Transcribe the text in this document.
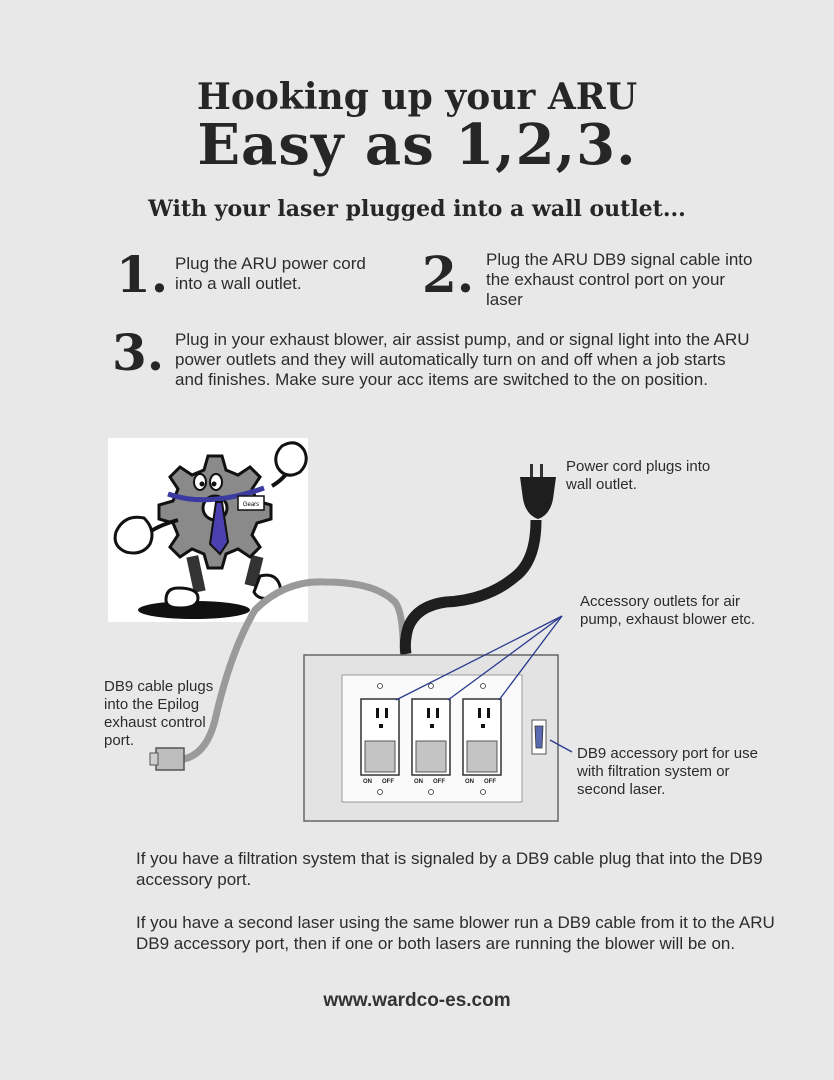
Hooking up your ARU
Easy as 1,2,3.
With your laser plugged into a wall outlet...
1. Plug the ARU power cord into a wall outlet.	2. Plug the ARU DB9 signal cable into the exhaust control port on your laser
3. Plug in your exhaust blower, air assist pump, and or signal light into the ARU power outlets and they will automatically turn on and off when a job starts and finishes. Make sure your acc items are switched to the on position.
Gears
ON OFF	ON OFF	ON OFF
Power cord plugs into wall outlet.
Accessory outlets for air pump, exhaust blower etc.
DB9 cable plugs into the Epilog exhaust control port.
DB9 accessory port for use with filtration system or second laser.
If you have a filtration system that is signaled by a DB9 cable plug that into the DB9 accessory port.
If you have a second laser using the same blower run a DB9 cable from it to the ARU DB9 accessory port, then if one or both lasers are running the blower will be on.
www.wardco-es.com
